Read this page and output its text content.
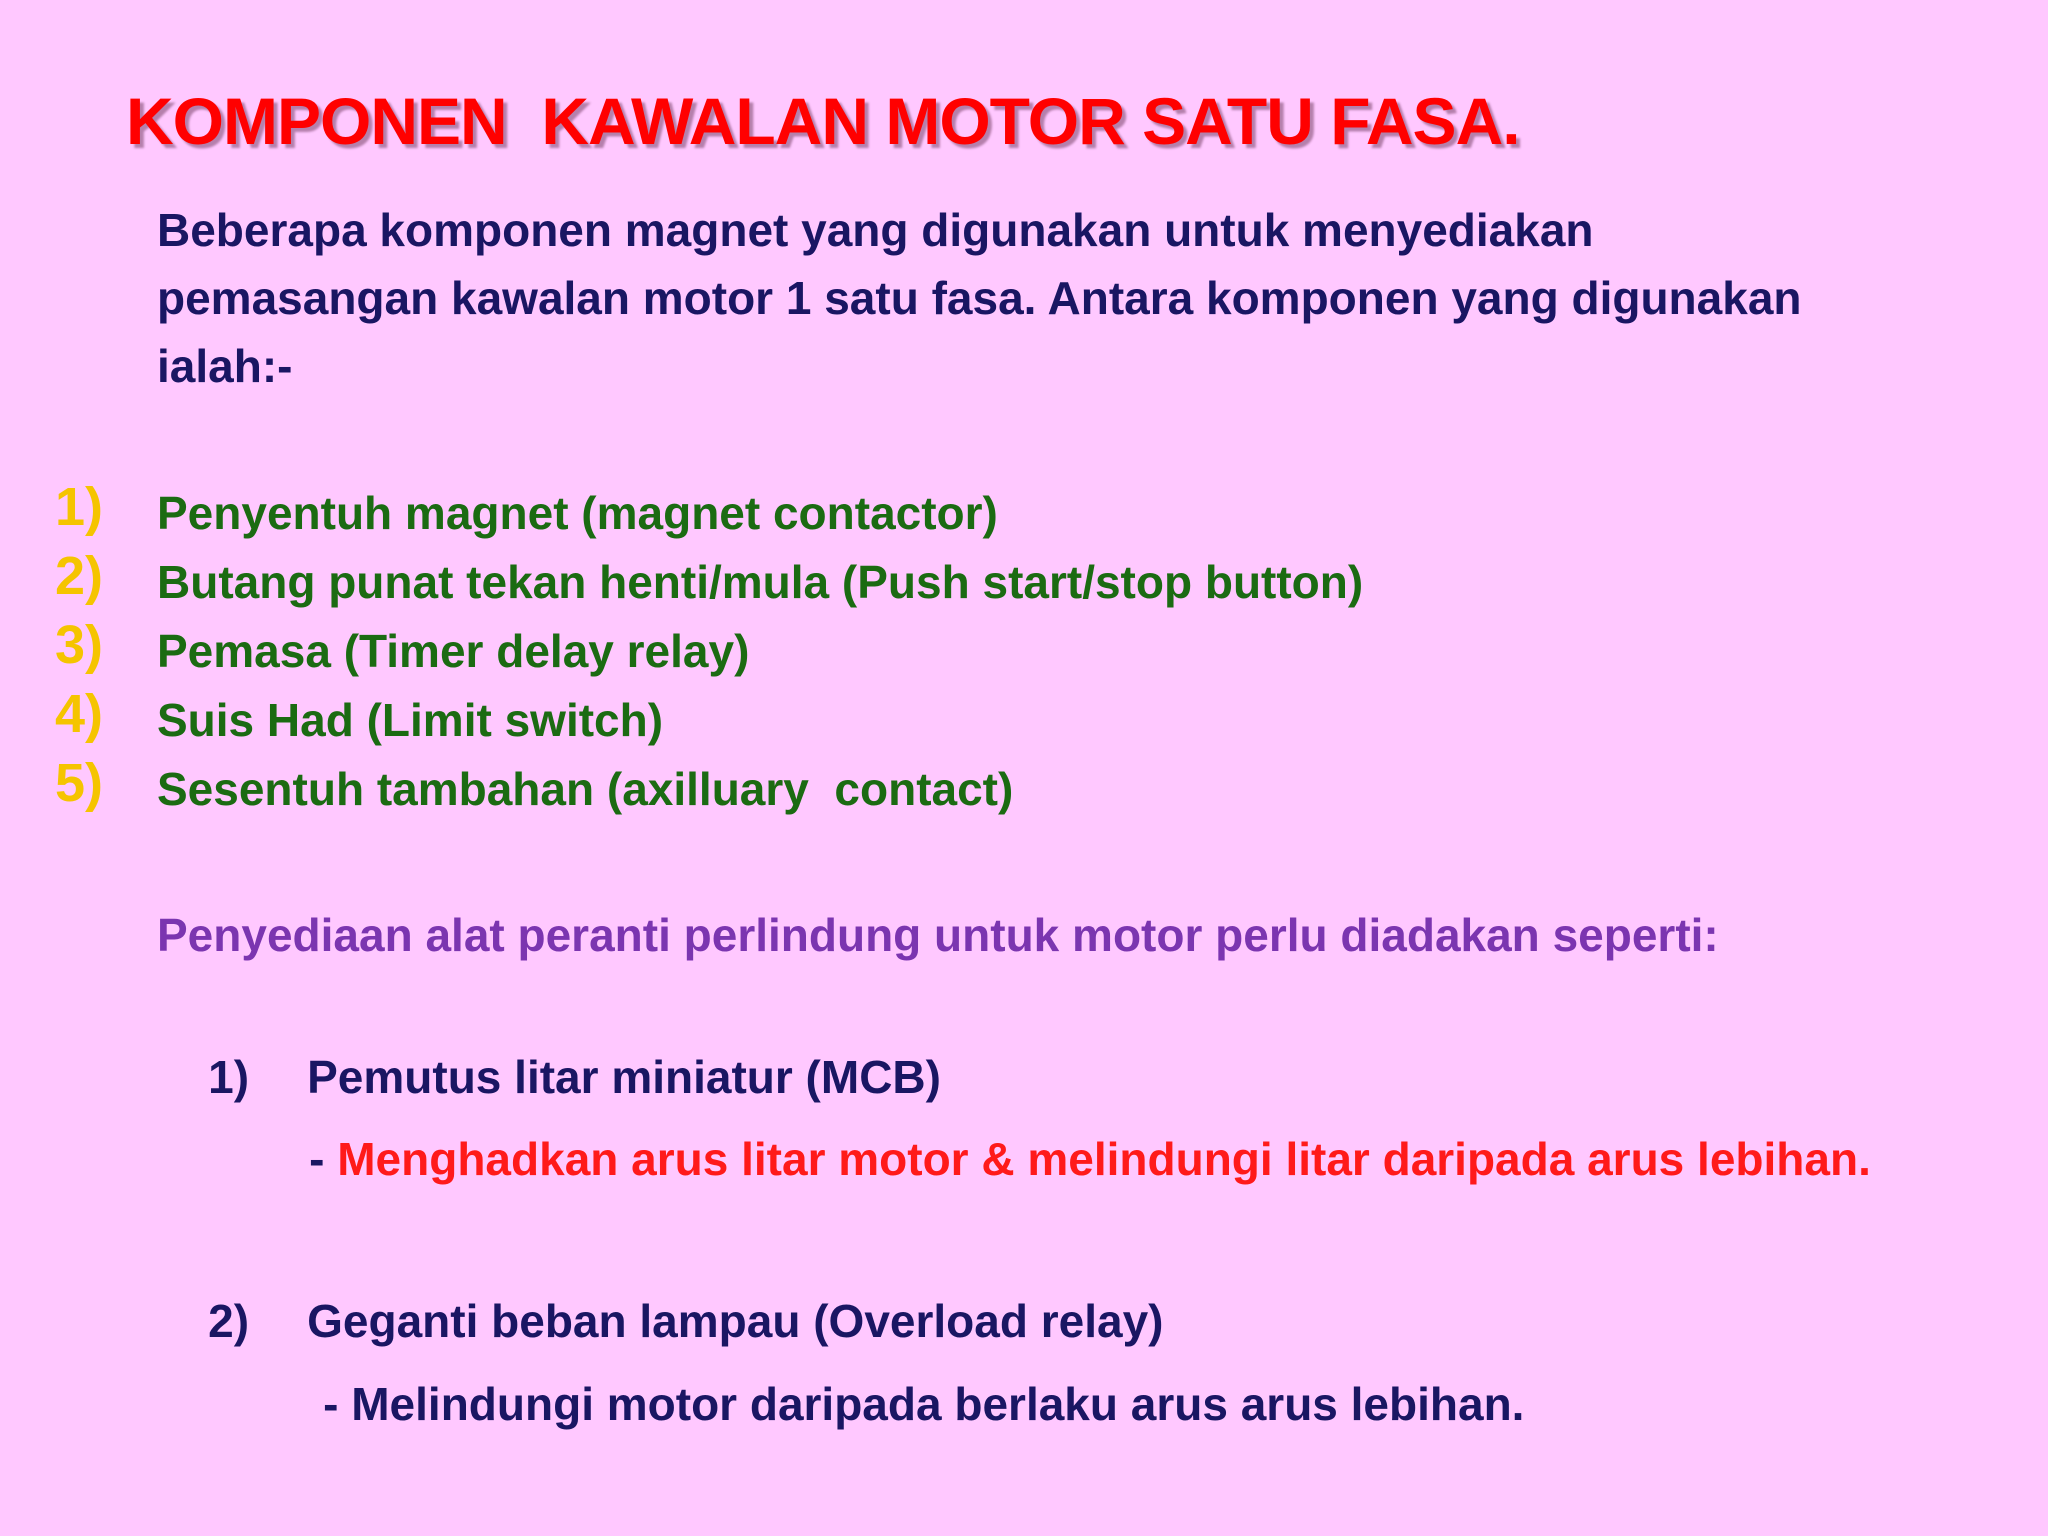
KOMPONEN  KAWALAN MOTOR SATU FASA.
Beberapa komponen magnet yang digunakan untuk menyediakan
pemasangan kawalan motor 1 satu fasa. Antara komponen yang digunakan
ialah:-
1)	Penyentuh magnet (magnet contactor)
2)	Butang punat tekan henti/mula (Push start/stop button)
3)	Pemasa (Timer delay relay)
4)	Suis Had (Limit switch)
5)	Sesentuh tambahan (axilluary  contact)
Penyediaan alat peranti perlindung untuk motor perlu diadakan seperti:

1) Pemutus litar miniatur (MCB)

- Menghadkan arus litar motor & melindungi litar daripada arus lebihan.

2) Geganti beban lampau (Overload relay)

- Melindungi motor daripada berlaku arus arus lebihan.
